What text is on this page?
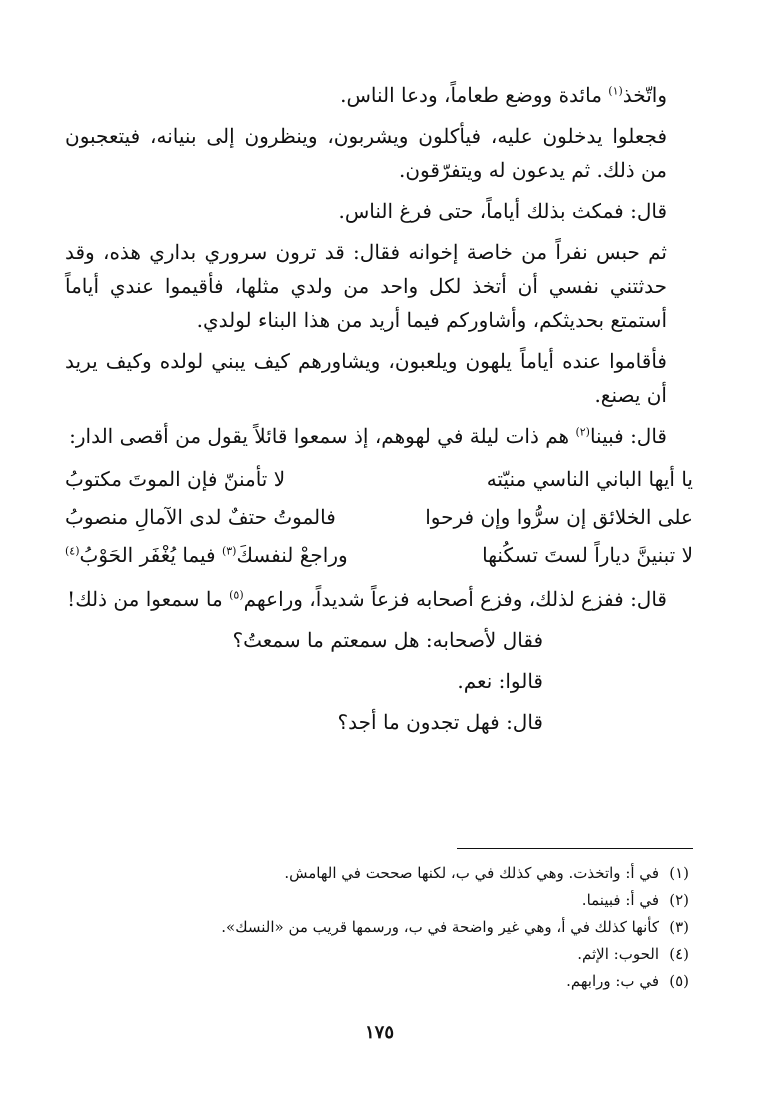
واتّخذ$^{(١)}$ مائدة ووضع طعاماً، ودعا الناس.

فجعلوا يدخلون عليه، فيأكلون ويشربون، وينظرون إلى بنيانه، فيتعجبون من ذلك. ثم يدعون له ويتفرّقون.

قال: فمكث بذلك أياماً، حتى فرغ الناس.

ثم حبس نفراً من خاصة إخوانه فقال: قد ترون سروري بداري هذه، وقد حدثتني نفسي أن أتخذ لكل واحد من ولدي مثلها، فأقيموا عندي أياماً أستمتع بحديثكم، وأشاوركم فيما أريد من هذا البناء لولدي.

فأقاموا عنده أياماً يلهون ويلعبون، ويشاورهم كيف يبني لولده وكيف يريد أن يصنع.

قال: فبينا$^{(٢)}$ هم ذات ليلة في لهوهم، إذ سمعوا قائلاً يقول من أقصى الدار:

يا أيها الباني الناسي منيّته
لا تأمننّ فإن الموتَ مكتوبُ
على الخلائق إن سرُّوا وإن فرحوا
فالموتُ حتفٌ لدى الآمالِ منصوبُ
لا تبنينَّ دياراً لستَ تسكُنها
وراجعْ لنفسكَ$^{(٣)}$ فيما يُغْفَر الحَوْبُ$^{(٤)}$

قال: ففزع لذلك، وفزع أصحابه فزعاً شديداً، وراعهم$^{(٥)}$ ما سمعوا من ذلك!

فقال لأصحابه: هل سمعتم ما سمعتُ؟

قالوا: نعم.

قال: فهل تجدون ما أجد؟

(١)في أ: واتخذت. وهي كذلك في ب، لكنها صححت في الهامش.
(٢)في أ: فبينما.
(٣)كأنها كذلك في أ، وهي غير واضحة في ب، ورسمها قريب من «النسك».
(٤)الحوب: الإثم.
(٥)في ب: ورابهم.
١٧٥
